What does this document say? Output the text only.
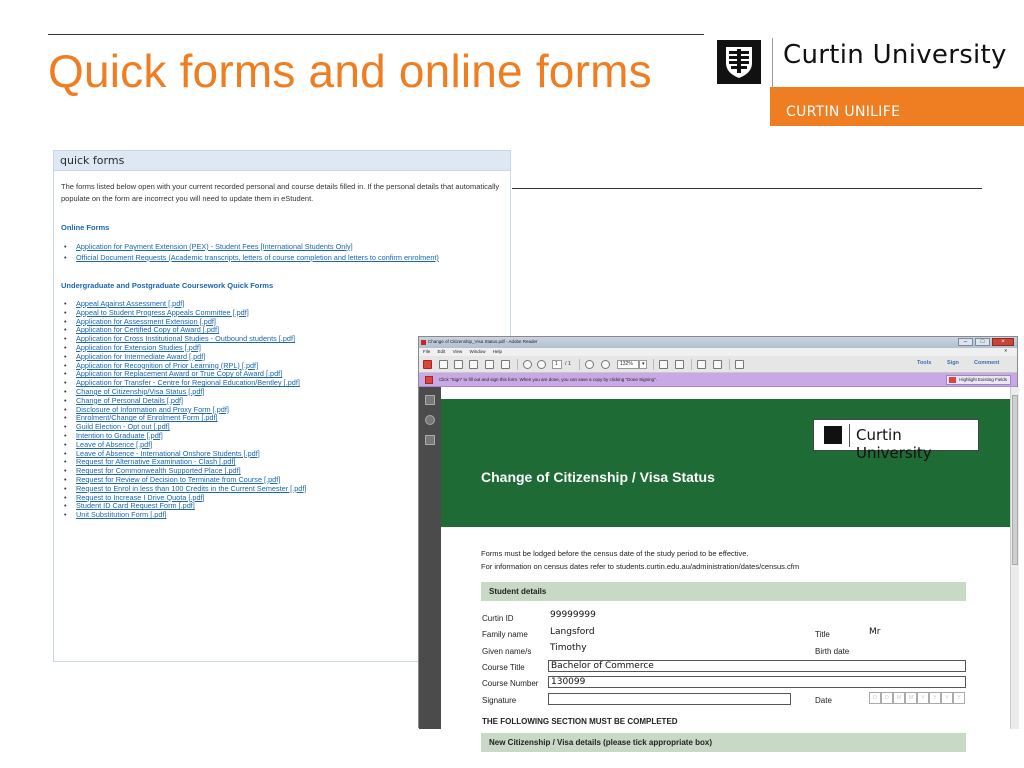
Quick forms and online forms	Curtin University
CURTIN UNILIFE
quick forms

The forms listed below open with your current recorded personal and course details filled in. If the personal details that automatically populate on the form are incorrect you will need to update them in eStudent.

Online Forms
• Application for Payment Extension (PEX) - Student Fees [International Students Only]
• Official Document Requests (Academic transcripts, letters of course completion and letters to confirm enrolment)
Undergraduate and Postgraduate Coursework Quick Forms
• Appeal Against Assessment [.pdf]
• Appeal to Student Progress Appeals Committee [.pdf]
• Application for Assessment Extension [.pdf]
• Application for Certified Copy of Award [.pdf]
• Application for Cross Institutional Studies - Outbound students [.pdf]
• Application for Extension Studies [.pdf]
• Application for Intermediate Award [.pdf]
• Application for Recognition of Prior Learning (RPL) [.pdf]
• Application for Replacement Award or True Copy of Award [.pdf]
• Application for Transfer - Centre for Regional Education/Bentley [.pdf]
• Change of Citizenship/Visa Status [.pdf]
• Change of Personal Details [.pdf]
• Disclosure of Information and Proxy Form [.pdf]
• Enrolment/Change of Enrolment Form [.pdf]
• Guild Election - Opt out [.pdf]
• Intention to Graduate [.pdf]
• Leave of Absence [.pdf]
• Leave of Absence - International Onshore Students [.pdf]
• Request for Alternative Examination - Clash [.pdf]
• Request for Commonwealth Supported Place [.pdf]
• Request for Review of Decision to Terminate from Course [.pdf]
• Request to Enrol in less than 100 Credits in the Current Semester [.pdf]
• Request to Increase I Drive Quota [.pdf]
• Student ID Card Request Form [.pdf]
• Unit Substitution Form [.pdf]
Change of Citizenship_Visa Status.pdf - Adobe Reader	–	□	×
File Edit View Window Help	×
1	/ 1	132%	▾	Tools	Sign	Comment
Click "Sign" to fill out and sign this form. When you are done, you can save a copy by clicking "Done Signing".	Highlight Existing Fields
Curtin University
Change of Citizenship / Visa Status
Forms must be lodged before the census date of the study period to be effective.
For information on census dates refer to students.curtin.edu.au/administration/dates/census.cfm
Student details
Curtin ID	99999999
Family name Langsford	Title	Mr
Given name/s Timothy	Birth date
Course Title	Bachelor of Commerce
Course Number	130099
Signature	Date	D	D	M	M	Y	Y	Y	Y
THE FOLLOWING SECTION MUST BE COMPLETED
New Citizenship / Visa details (please tick appropriate box)
